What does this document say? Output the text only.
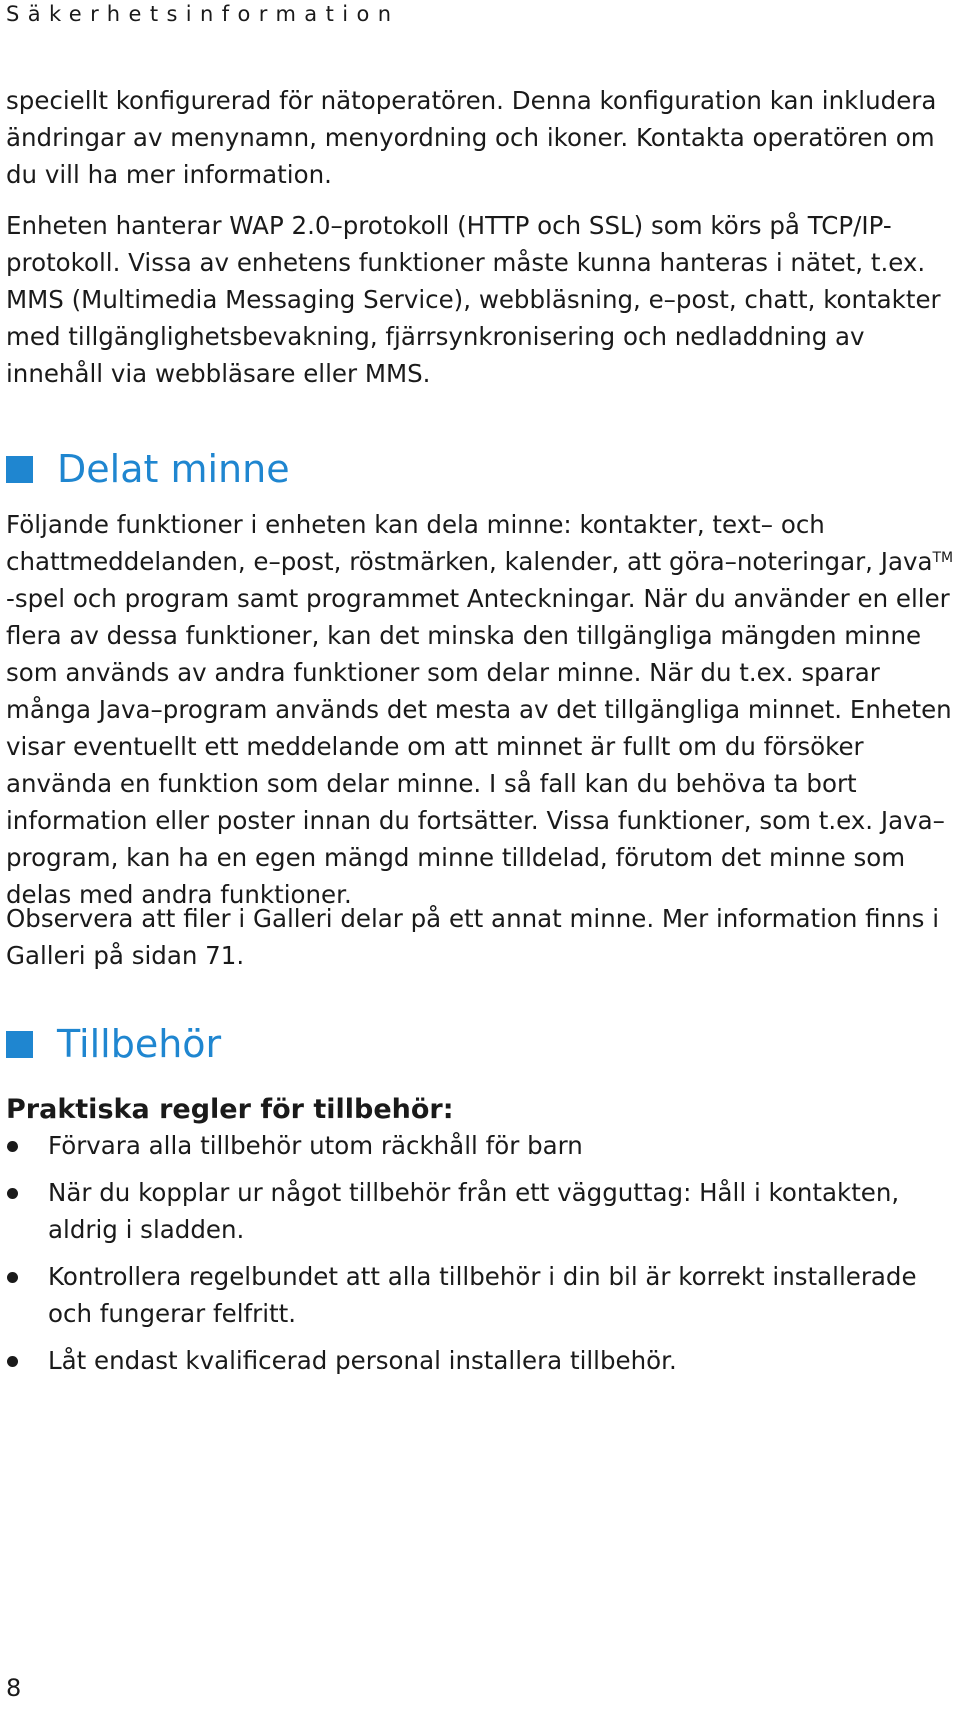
Säkerhetsinformation

speciellt konfigurerad för nätoperatören. Denna konfiguration kan inkludera ändringar av menynamn, menyordning och ikoner. Kontakta operatören om du vill ha mer information.

Enheten hanterar WAP 2.0–protokoll (HTTP och SSL) som körs på TCP/IP-protokoll. Vissa av enhetens funktioner måste kunna hanteras i nätet, t.ex. MMS (Multimedia Messaging Service), webbläsning, e–post, chatt, kontakter med tillgänglighetsbevakning, fjärrsynkronisering och nedladdning av innehåll via webbläsare eller MMS.

Delat minne

Följande funktioner i enheten kan dela minne: kontakter, text– och chattmeddelanden, e–post, röstmärken, kalender, att göra–noteringar, Java™ -spel och program samt programmet Anteckningar. När du använder en eller flera av dessa funktioner, kan det minska den tillgängliga mängden minne som används av andra funktioner som delar minne. När du t.ex. sparar många Java–program används det mesta av det tillgängliga minnet. Enheten visar eventuellt ett meddelande om att minnet är fullt om du försöker använda en funktion som delar minne. I så fall kan du behöva ta bort information eller poster innan du fortsätter. Vissa funktioner, som t.ex. Java–program, kan ha en egen mängd minne tilldelad, förutom det minne som delas med andra funktioner.

Observera att filer i Galleri delar på ett annat minne. Mer information finns i Galleri på sidan 71.

Tillbehör
Praktiska regler för tillbehör:
Förvara alla tillbehör utom räckhåll för barn
När du kopplar ur något tillbehör från ett vägguttag: Håll i kontakten, aldrig i sladden.
Kontrollera regelbundet att alla tillbehör i din bil är korrekt installerade och fungerar felfritt.
Låt endast kvalificerad personal installera tillbehör.
8
